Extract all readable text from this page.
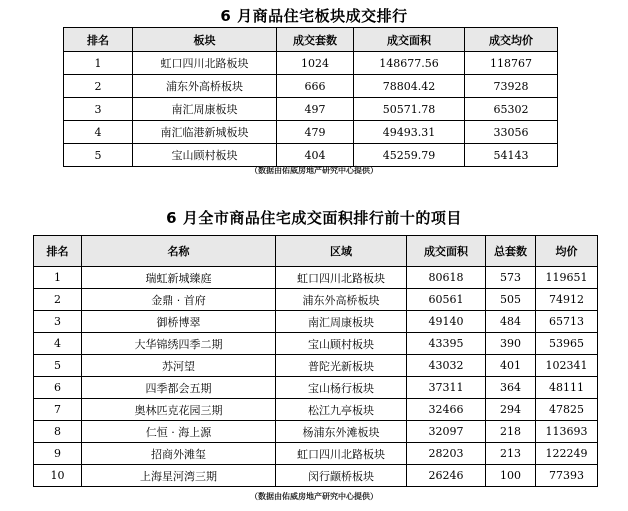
6 月商品住宅板块成交排行
排名	板块	成交套数	成交面积	成交均价
1	虹口四川北路板块	1024	148677.56	118767
2	浦东外高桥板块	666	78804.42	73928
3	南汇周康板块	497	50571.78	65302
4	南汇临港新城板块	479	49493.31	33056
5	宝山顾村板块	404	45259.79	54143
（数据由佑威房地产研究中心提供）
6 月全市商品住宅成交面积排行前十的项目
排名	名称	区域	成交面积	总套数	均价
1	瑞虹新城臻庭	虹口四川北路板块	80618	573	119651
2	金鼎 · 首府	浦东外高桥板块	60561	505	74912
3	御桥博翠	南汇周康板块	49140	484	65713
4	大华锦绣四季二期	宝山顾村板块	43395	390	53965
5	苏河望	普陀光新板块	43032	401	102341
6	四季都会五期	宝山杨行板块	37311	364	48111
7	奥林匹克花园三期	松江九亭板块	32466	294	47825
8	仁恒 · 海上源	杨浦东外滩板块	32097	218	113693
9	招商外滩玺	虹口四川北路板块	28203	213	122249
10	上海星河湾三期	闵行颛桥板块	26246	100	77393
（数据由佑威房地产研究中心提供）
